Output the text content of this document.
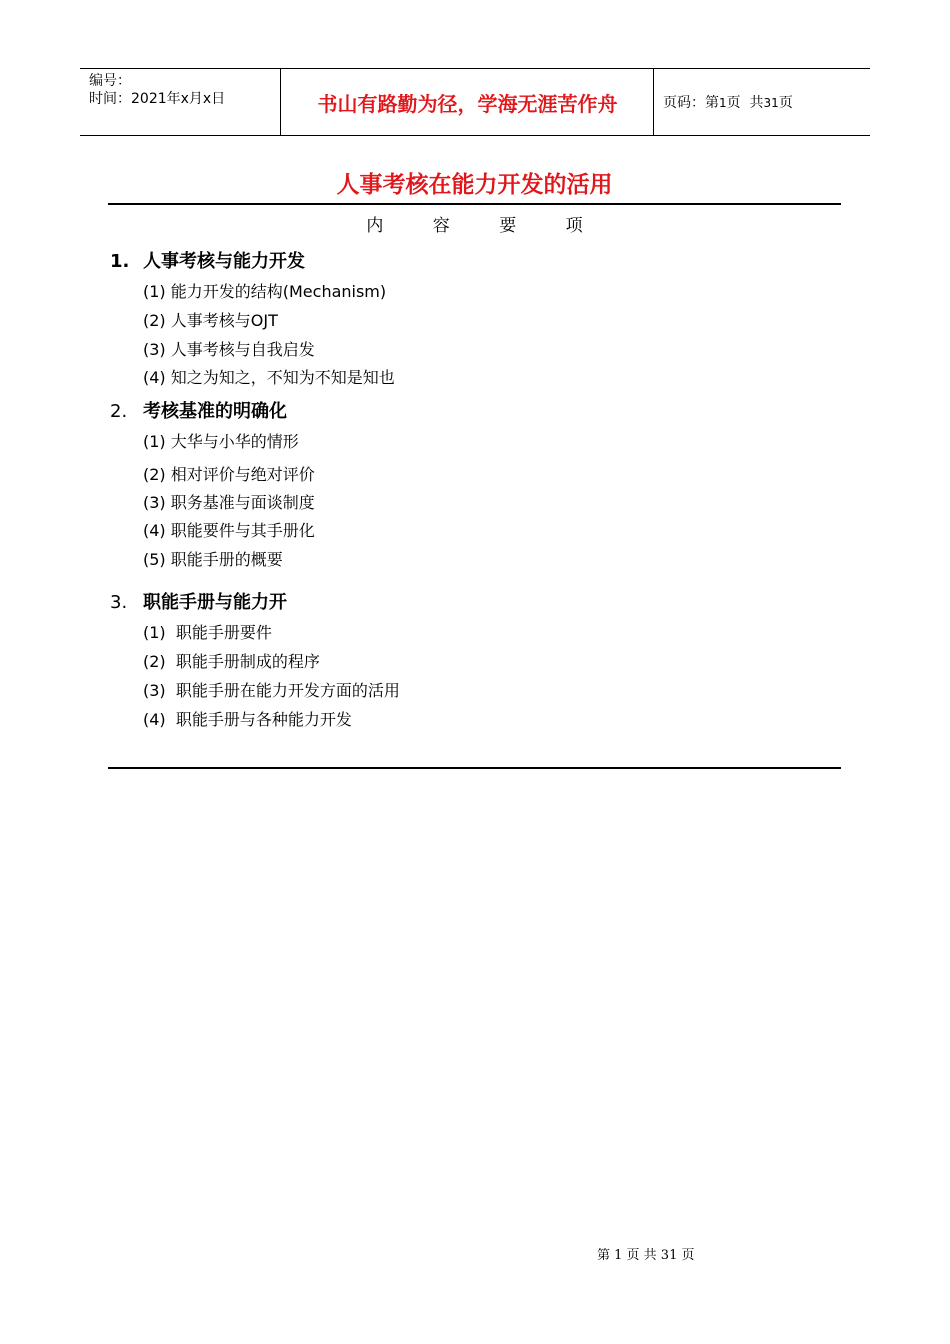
编号：
时间：2021年x月x日	书山有路勤为径，学海无涯苦作舟	页码：第1页  共31页
人事考核在能力开发的活用
内 容 要 项
1. 人事考核与能力开发
(1) 能力开发的结构(Mechanism)
(2) 人事考核与OJT
(3) 人事考核与自我启发
(4) 知之为知之，不知为不知是知也
2. 考核基准的明确化
(1) 大华与小华的情形
(2) 相对评价与绝对评价
(3) 职务基准与面谈制度
(4) 职能要件与其手册化
(5) 职能手册的概要
3. 职能手册与能力开
(1)  职能手册要件
(2)  职能手册制成的程序
(3)  职能手册在能力开发方面的活用
(4)  职能手册与各种能力开发
第 1 页 共 31 页
